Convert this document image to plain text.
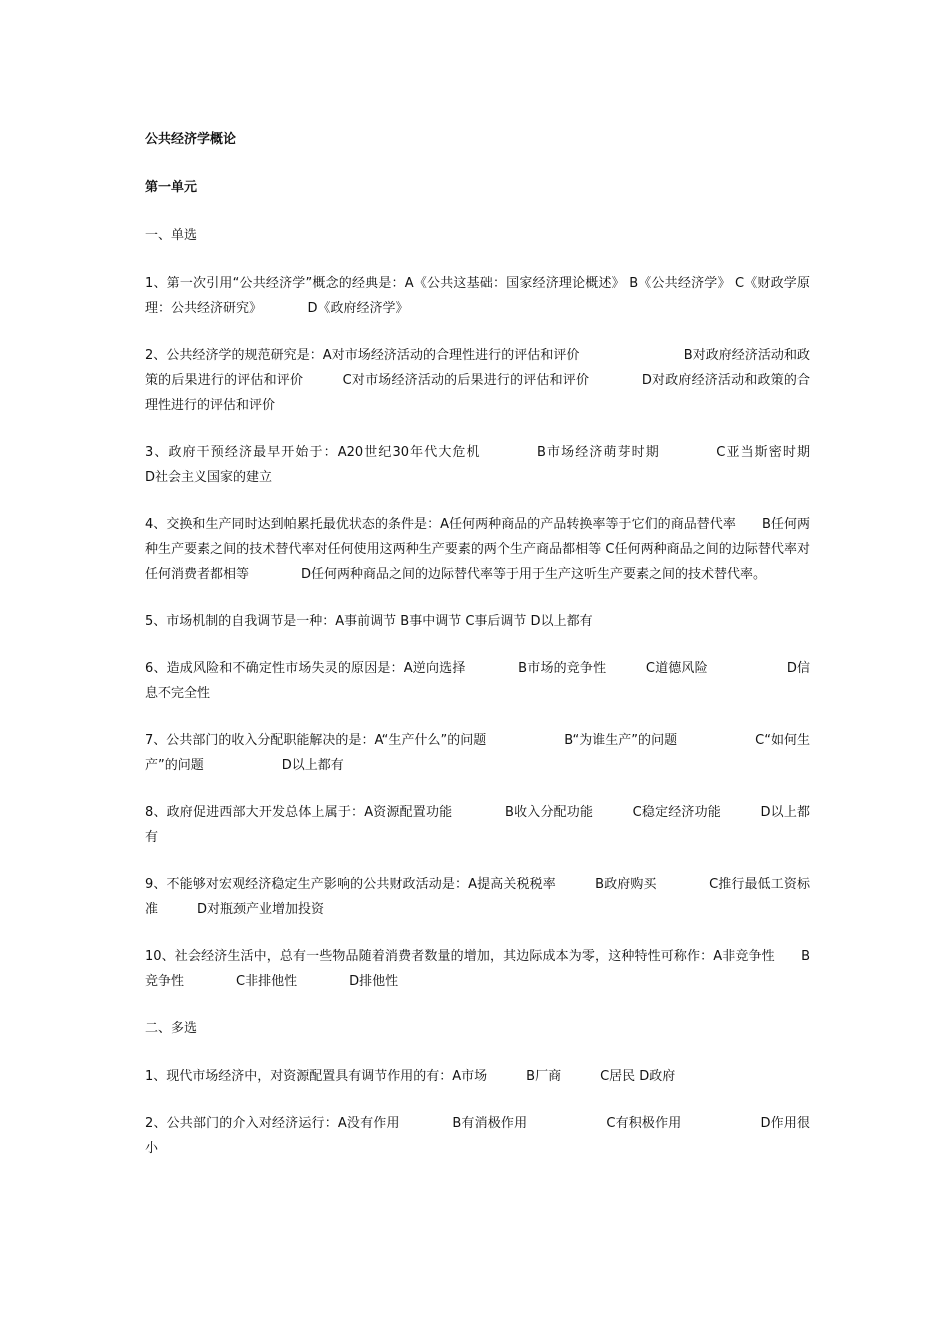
公共经济学概论
第一单元
一、单选

1、第一次引用“公共经济学”概念的经典是：A《公共这基础：国家经济理论概述》 B《公共经济学》 C《财政学原理：公共经济研究》　　　　D《政府经济学》

2、公共经济学的规范研究是：A对市场经济活动的合理性进行的评估和评价　　　　　　　　B对政府经济活动和政策的后果进行的评估和评价　　　C对市场经济活动的后果进行的评估和评价　　　　D对政府经济活动和政策的合理性进行的评估和评价

3、政府干预经济最早开始于：A20世纪30年代大危机　　　　B市场经济萌芽时期　　　　C亚当斯密时期　　　　D社会主义国家的建立

4、交换和生产同时达到帕累托最优状态的条件是：A任何两种商品的产品转换率等于它们的商品替代率　　B任何两种生产要素之间的技术替代率对任何使用这两种生产要素的两个生产商品都相等 C任何两种商品之间的边际替代率对任何消费者都相等　　　　D任何两种商品之间的边际替代率等于用于生产这听生产要素之间的技术替代率。

5、市场机制的自我调节是一种：A事前调节 B事中调节 C事后调节 D以上都有

6、造成风险和不确定性市场失灵的原因是：A逆向选择　　　　B市场的竞争性　　　C道德风险　　　　　　D信息不完全性

7、公共部门的收入分配职能解决的是：A“生产什么”的问题　　　　　　B“为谁生产”的问题　　　　　　C“如何生产”的问题　　　　　　D以上都有

8、政府促进西部大开发总体上属于：A资源配置功能　　　　B收入分配功能　　　C稳定经济功能　　　D以上都有

9、不能够对宏观经济稳定生产影响的公共财政活动是：A提高关税税率　　　B政府购买　　　　C推行最低工资标准　　　D对瓶颈产业增加投资

10、社会经济生活中，总有一些物品随着消费者数量的增加，其边际成本为零，这种特性可称作：A非竞争性　　B竞争性　　　　C非排他性　　　　D排他性

二、多选

1、现代市场经济中，对资源配置具有调节作用的有：A市场　　　B厂商　　　C居民 D政府

2、公共部门的介入对经济运行：A没有作用　　　　B有消极作用　　　　　　C有积极作用　　　　　　D作用很小
